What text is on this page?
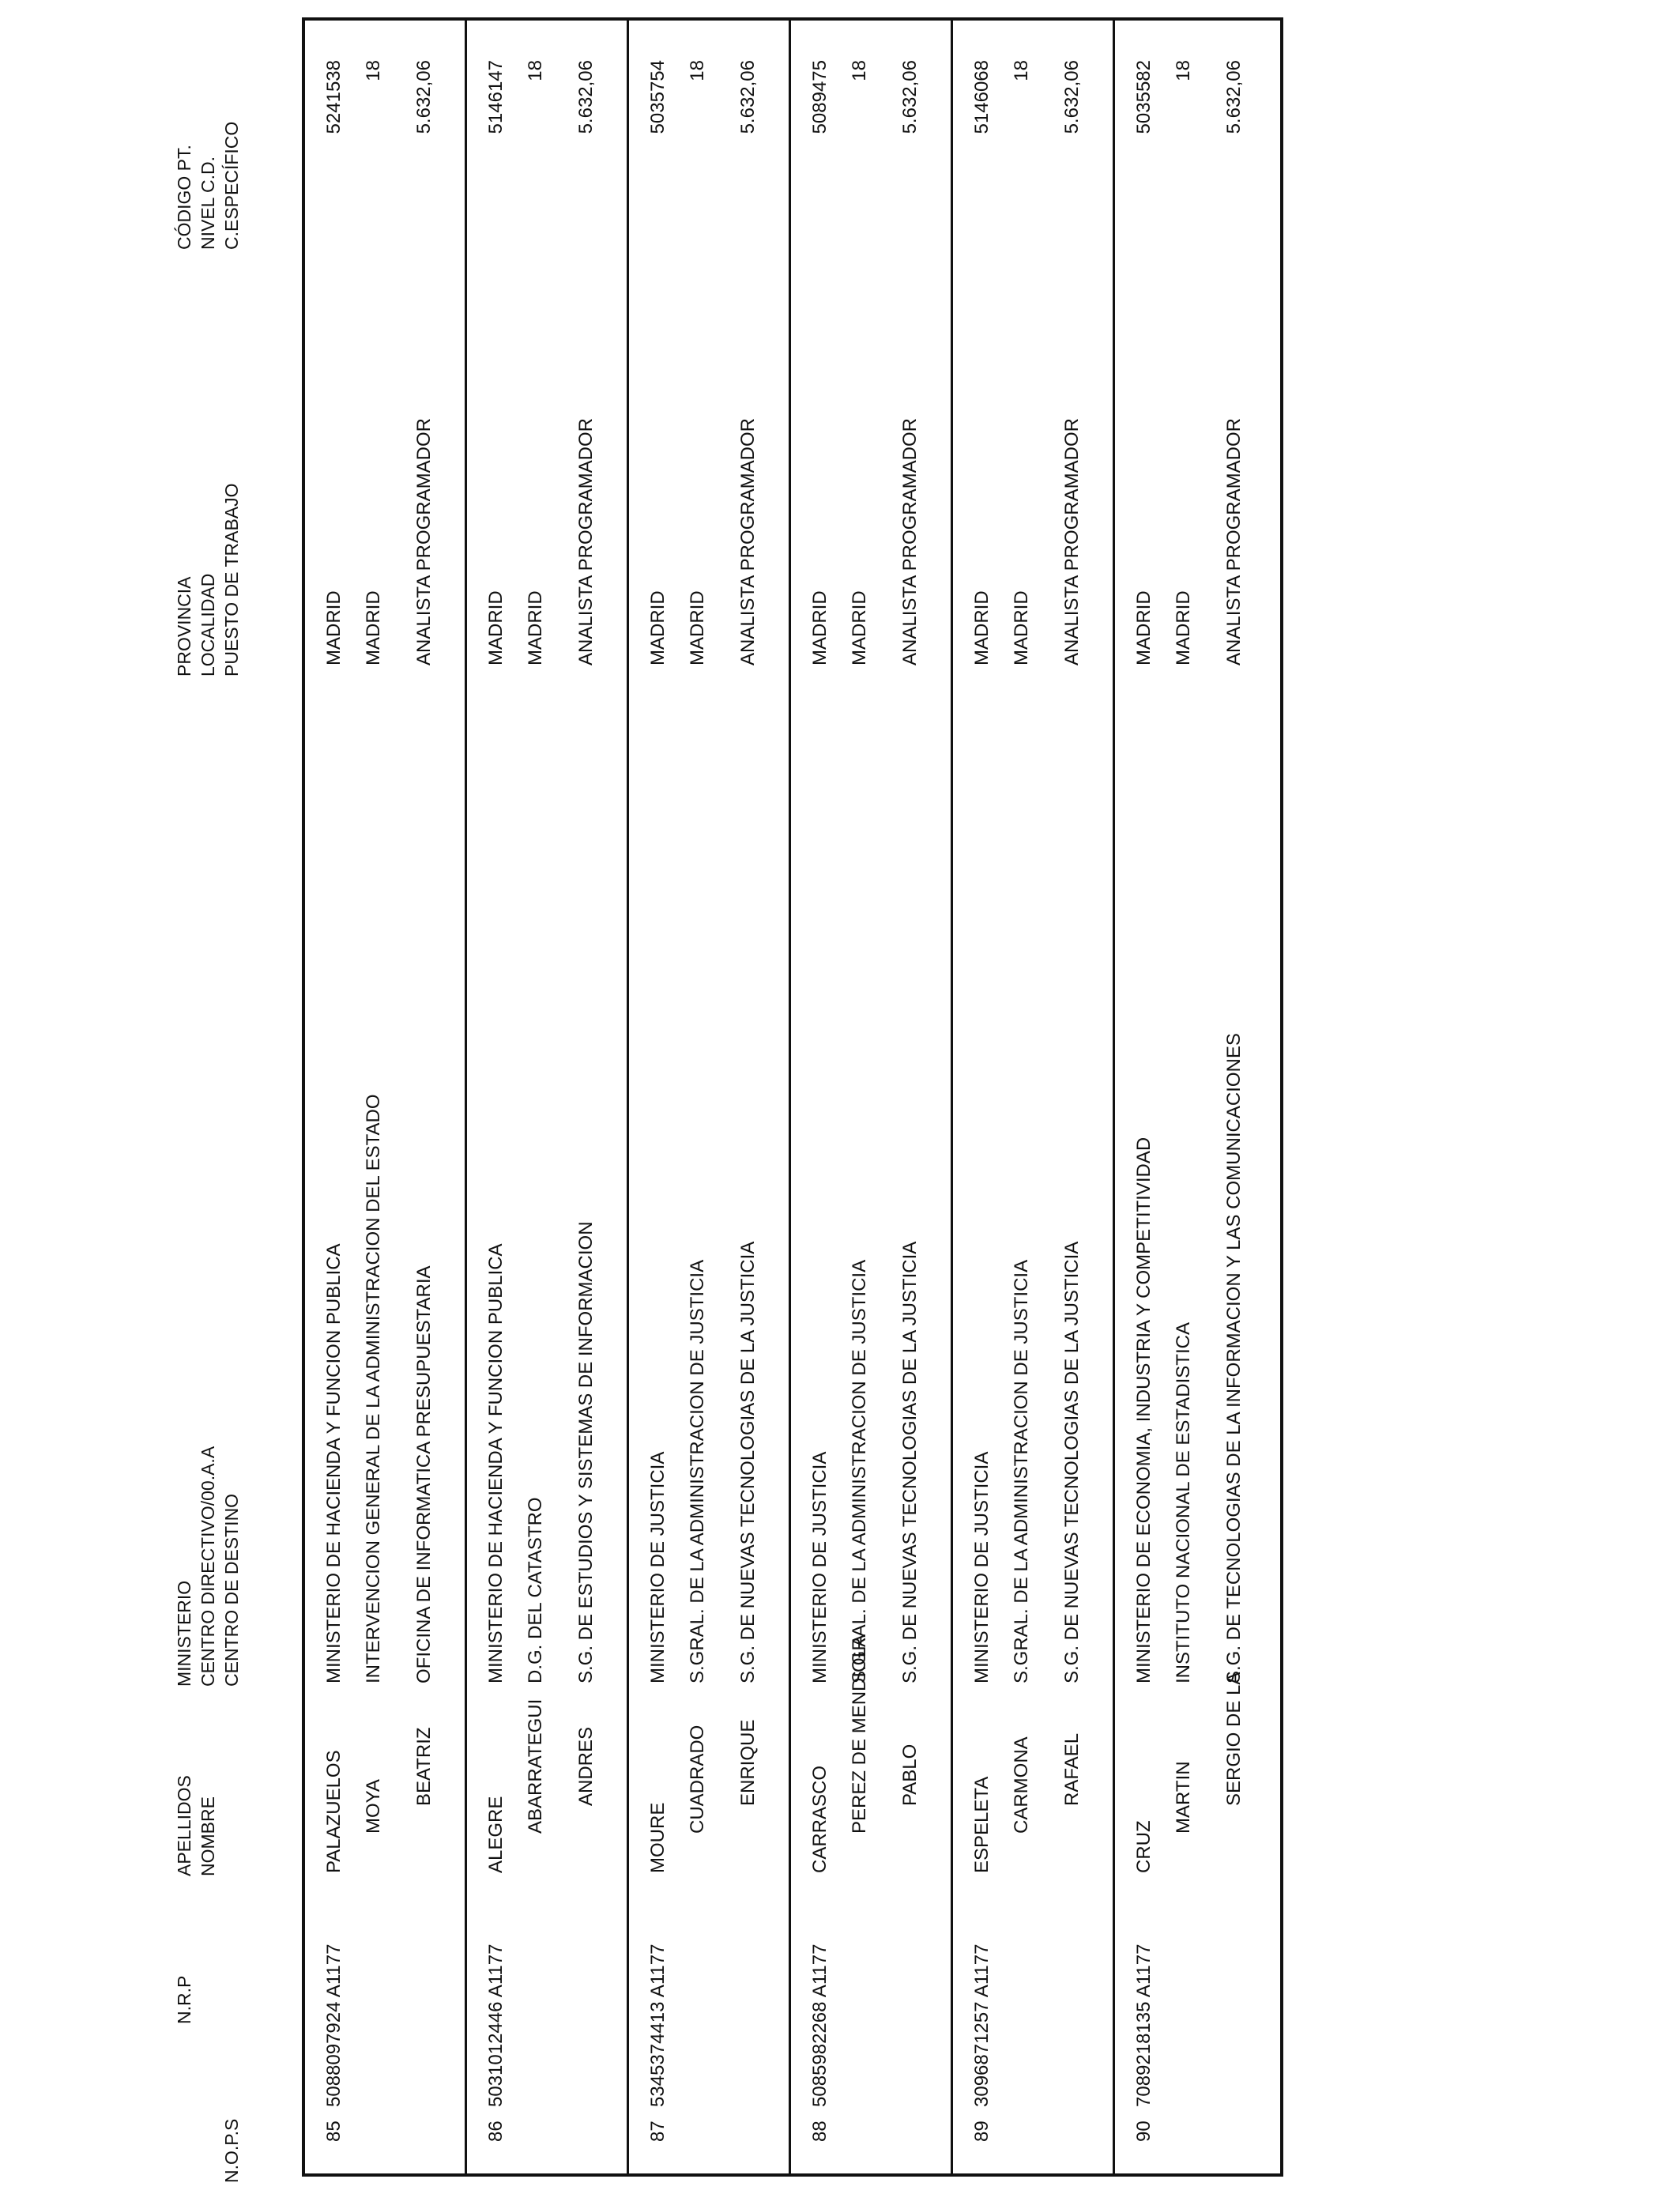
N.O.P.S
N.R.P
APELLIDOS NOMBRE
MINISTERIO CENTRO DIRECTIVO/00.A.A CENTRO DE DESTINO
PROVINCIA LOCALIDAD PUESTO DE TRABAJO
CÓDIGO PT. NIVEL C.D. C.ESPECÍFICO
85
5088097924 A1177
PALAZUELOS MOYA
BEATRIZ
MINISTERIO DE HACIENDA Y FUNCION PUBLICA INTERVENCION GENERAL DE LA ADMINISTRACION DEL ESTADO OFICINA DE INFORMATICA PRESUPUESTARIA
MADRID MADRID ANALISTA PROGRAMADOR
5241538 18 5.632,06
86
5031012446 A1177
ALEGRE
ABARRATEGUI ANDRES
MINISTERIO DE HACIENDA Y FUNCION PUBLICA D.G. DEL CATASTRO S.G. DE ESTUDIOS Y SISTEMAS DE INFORMACION
MADRID MADRID ANALISTA PROGRAMADOR
5146147 18 5.632,06
87
5345374413 A1177
MOURE
CUADRADO ENRIQUE
MINISTERIO DE JUSTICIA S.GRAL. DE LA ADMINISTRACION DE JUSTICIA S.G. DE NUEVAS TECNOLOGIAS DE LA JUSTICIA
MADRID MADRID ANALISTA PROGRAMADOR
5035754 18 5.632,06
88
5085982268 A1177
CARRASCO PEREZ DE MENDIOLA PABLO
MINISTERIO DE JUSTICIA S.GRAL. DE LA ADMINISTRACION DE JUSTICIA S.G. DE NUEVAS TECNOLOGIAS DE LA JUSTICIA
MADRID MADRID ANALISTA PROGRAMADOR
5089475 18 5.632,06
89
3096871257 A1177
ESPELETA CARMONA RAFAEL
MINISTERIO DE JUSTICIA S.GRAL. DE LA ADMINISTRACION DE JUSTICIA S.G. DE NUEVAS TECNOLOGIAS DE LA JUSTICIA
MADRID MADRID ANALISTA PROGRAMADOR
5146068 18 5.632,06
90
7089218135 A1177
CRUZ
MARTIN SERGIO DE LA
MINISTERIO DE ECONOMIA, INDUSTRIA Y COMPETITIVIDAD INSTITUTO NACIONAL DE ESTADISTICA S.G. DE TECNOLOGIAS DE LA INFORMACION Y LAS COMUNICACIONES
MADRID MADRID ANALISTA PROGRAMADOR
5035582 18 5.632,06
